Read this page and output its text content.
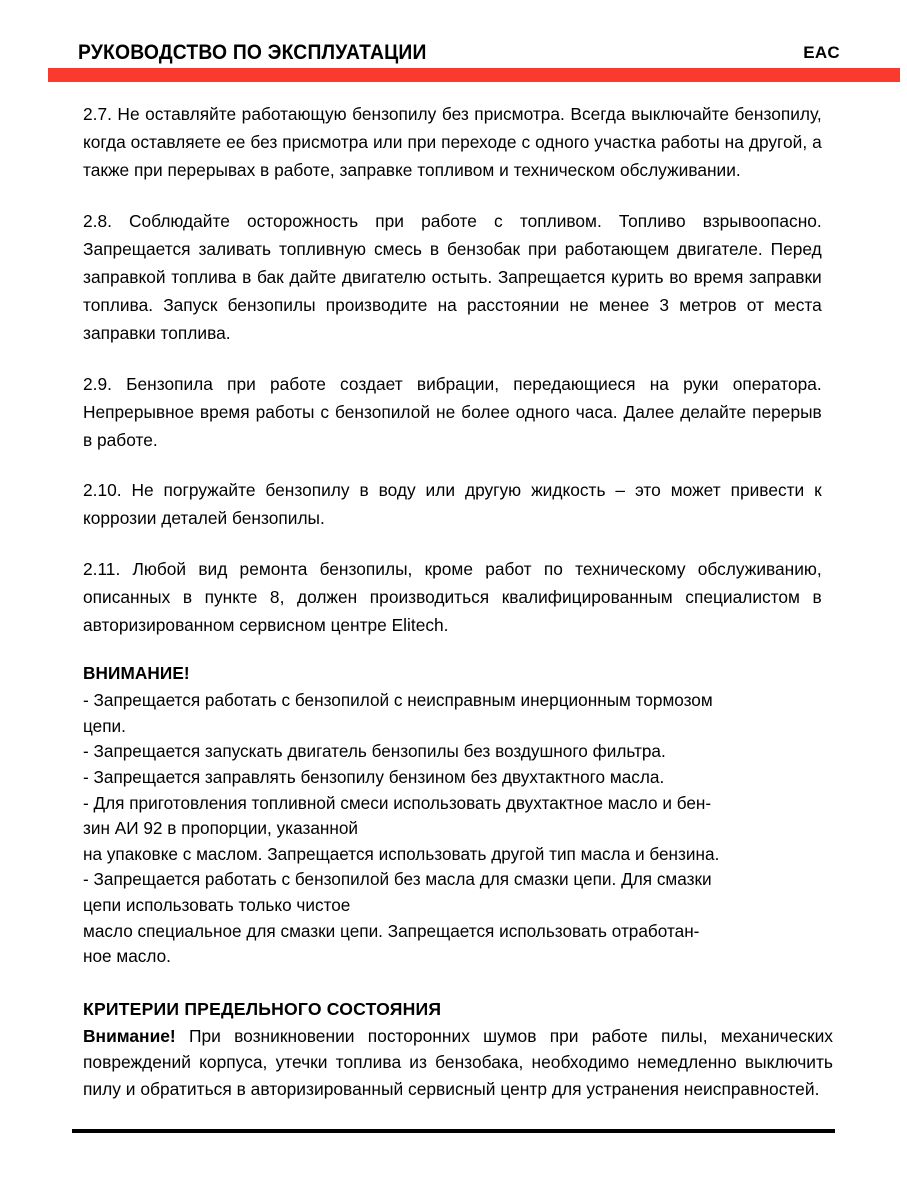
РУКОВОДСТВО ПО ЭКСПЛУАТАЦИИ	EAC

2.7. Не оставляйте работающую бензопилу без присмотра. Всегда выключайте бензопилу, когда оставляете ее без присмотра или при переходе с одного участка работы на другой, а также при перерывах в работе, заправке топливом и техническом обслуживании.

2.8. Соблюдайте осторожность при работе с топливом. Топливо взрывоопасно. Запрещается заливать топливную смесь в бензобак при работающем двигателе. Перед заправкой топлива в бак дайте двигателю остыть. Запрещается курить во время заправки топлива. Запуск бензопилы производите на расстоянии не менее 3 метров от места заправки топлива.

2.9. Бензопила при работе создает вибрации, передающиеся на руки оператора. Непрерывное время работы с бензопилой не более одного часа. Далее делайте перерыв в работе.

2.10. Не погружайте бензопилу в воду или другую жидкость – это может привести к коррозии деталей бензопилы.

2.11. Любой вид ремонта бензопилы, кроме работ по техническому обслуживанию, описанных в пункте 8, должен производиться квалифицированным специалистом в авторизированном сервисном центре Elitech.

ВНИМАНИЕ!

- Запрещается работать с бензопилой с неисправным инерционным тормозом

цепи.

- Запрещается запускать двигатель бензопилы без воздушного фильтра.

- Запрещается заправлять бензопилу бензином без двухтактного масла.

- Для приготовления топливной смеси использовать двухтактное масло и бен-

зин АИ 92 в пропорции, указанной

на упаковке с маслом. Запрещается использовать другой тип масла и бензина.

- Запрещается работать с бензопилой без масла для смазки цепи. Для смазки

цепи использовать только чистое

масло специальное для смазки цепи. Запрещается использовать отработан-

ное масло.

КРИТЕРИИ ПРЕДЕЛЬНОГО СОСТОЯНИЯ

Внимание! При возникновении посторонних шумов при работе пилы, механических повреждений корпуса, утечки топлива из бензобака, необходимо немедленно выключить пилу и обратиться в авторизированный сервисный центр для устранения неисправностей.
